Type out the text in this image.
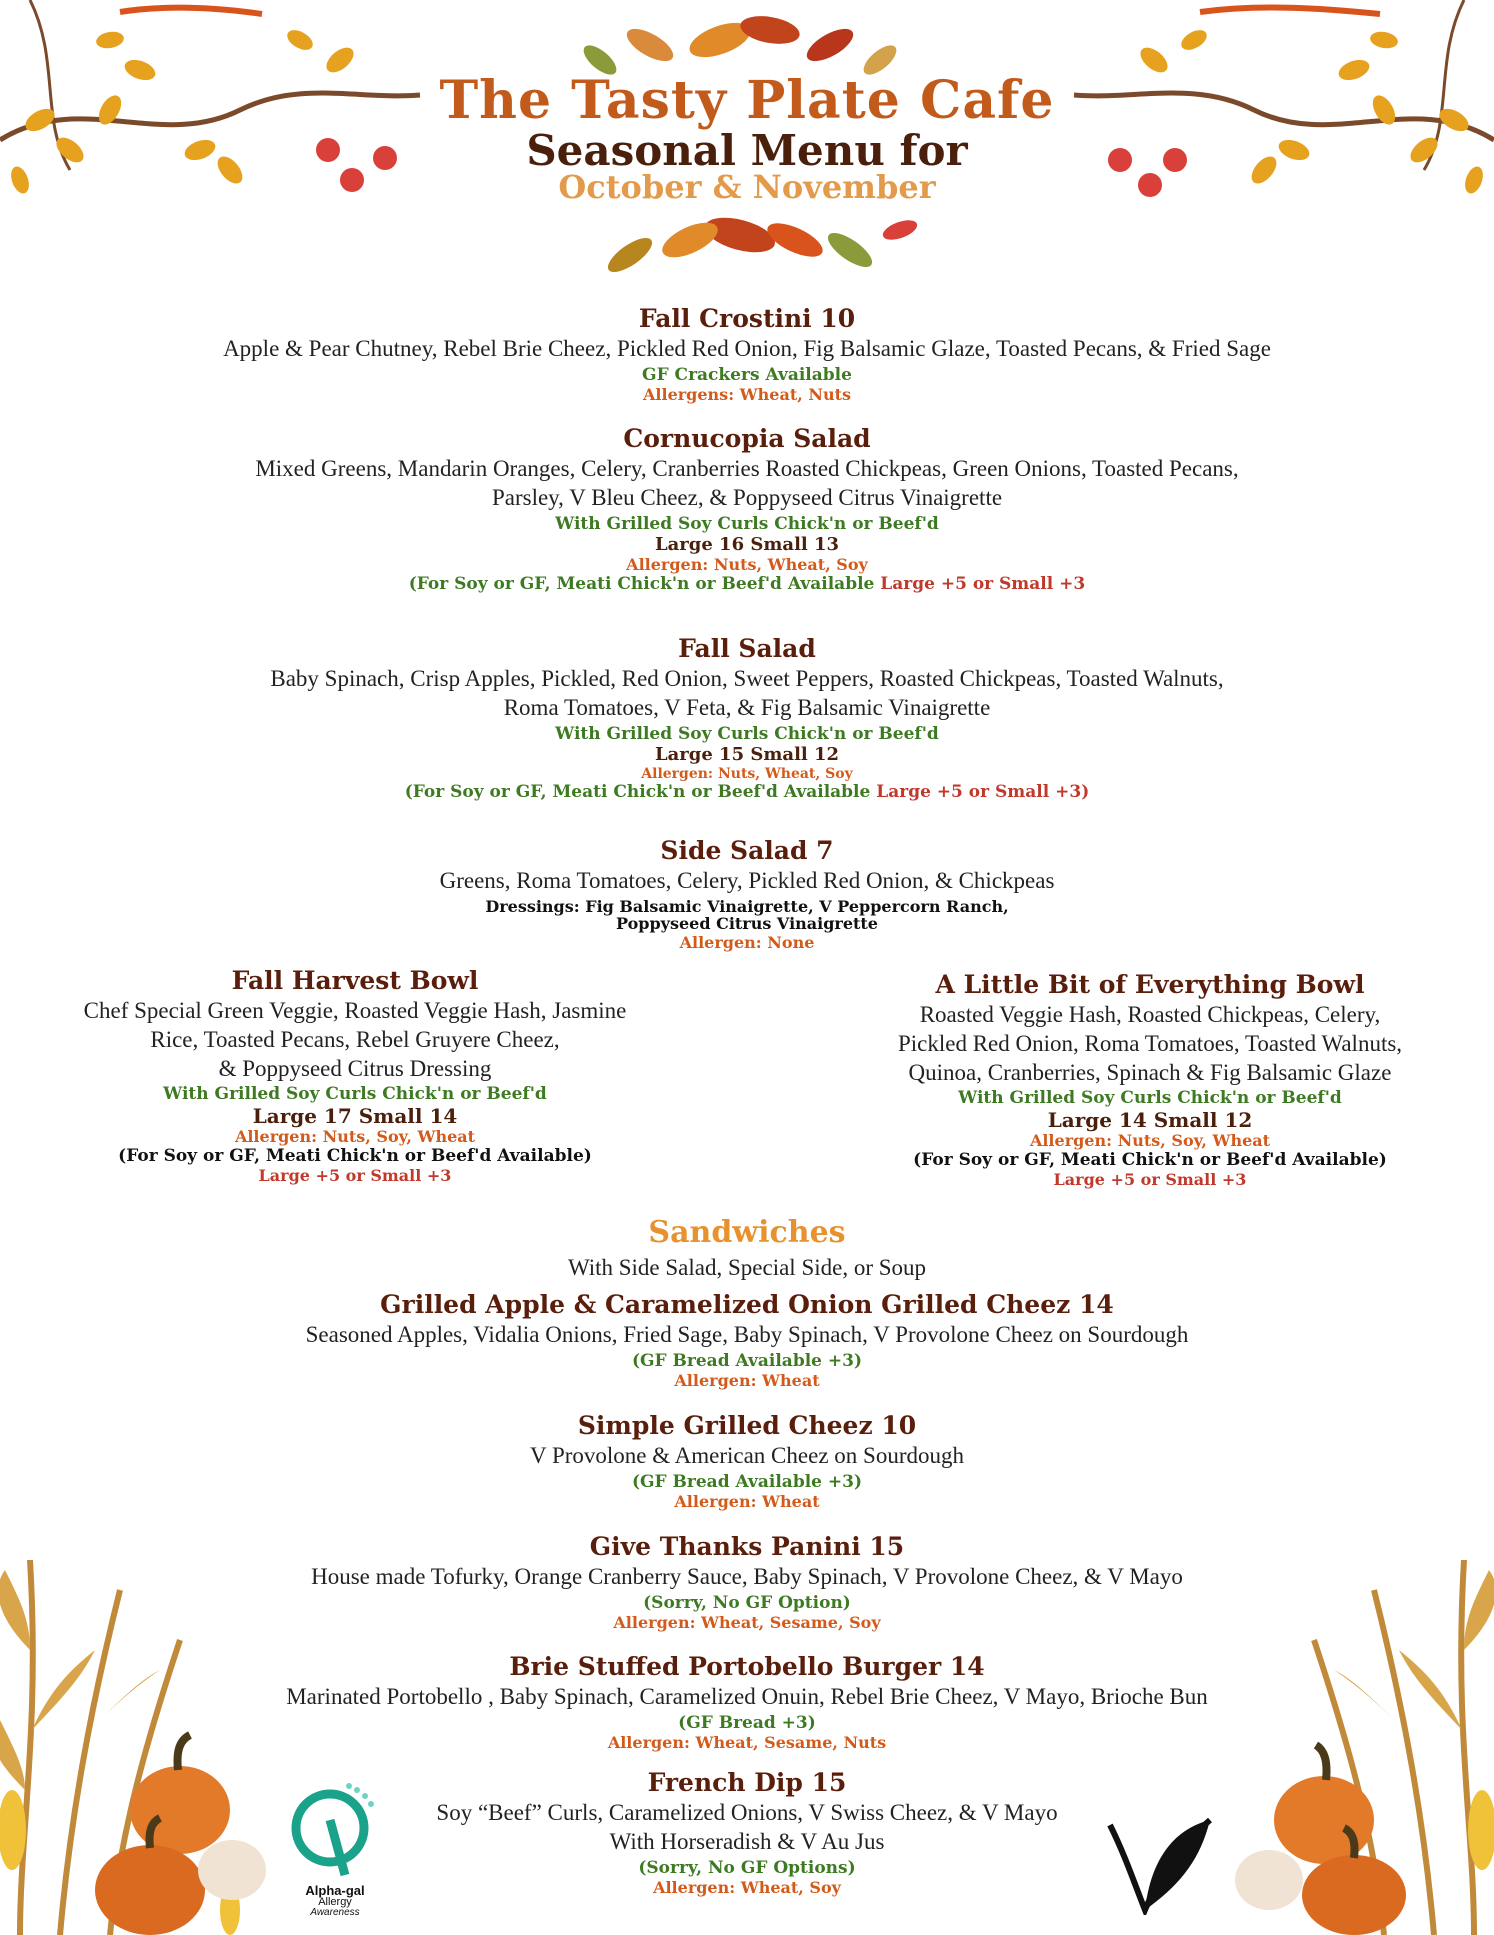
The Tasty Plate Cafe
Seasonal Menu for
October & November
Fall Crostini 10
Apple & Pear Chutney, Rebel Brie Cheez, Pickled Red Onion, Fig Balsamic Glaze, Toasted Pecans, & Fried Sage
GF Crackers Available
Allergens: Wheat, Nuts
Cornucopia Salad
Mixed Greens, Mandarin Oranges, Celery, Cranberries Roasted Chickpeas, Green Onions, Toasted Pecans,
Parsley, V Bleu Cheez, & Poppyseed Citrus Vinaigrette
With Grilled Soy Curls Chick'n or Beef'd
Large 16 Small 13
Allergen: Nuts, Wheat, Soy
(For Soy or GF, Meati Chick'n or Beef'd Available Large +5 or Small +3
Fall Salad
Baby Spinach, Crisp Apples, Pickled, Red Onion, Sweet Peppers, Roasted Chickpeas, Toasted Walnuts,
Roma Tomatoes, V Feta, & Fig Balsamic Vinaigrette
With Grilled Soy Curls Chick'n or Beef'd
Large 15 Small 12
Allergen: Nuts, Wheat, Soy
(For Soy or GF, Meati Chick'n or Beef'd Available Large +5 or Small +3)
Side Salad 7
Greens, Roma Tomatoes, Celery, Pickled Red Onion, & Chickpeas
Dressings: Fig Balsamic Vinaigrette, V Peppercorn Ranch,
Poppyseed Citrus Vinaigrette
Allergen: None
Fall Harvest Bowl
Chef Special Green Veggie, Roasted Veggie Hash, Jasmine
Rice, Toasted Pecans, Rebel Gruyere Cheez,
& Poppyseed Citrus Dressing
With Grilled Soy Curls Chick'n or Beef'd
Large 17 Small 14
Allergen: Nuts, Soy, Wheat
(For Soy or GF, Meati Chick'n or Beef'd Available)
Large +5 or Small +3
A Little Bit of Everything Bowl
Roasted Veggie Hash, Roasted Chickpeas, Celery,
Pickled Red Onion, Roma Tomatoes, Toasted Walnuts,
Quinoa, Cranberries, Spinach & Fig Balsamic Glaze
With Grilled Soy Curls Chick'n or Beef'd
Large 14 Small 12
Allergen: Nuts, Soy, Wheat
(For Soy or GF, Meati Chick'n or Beef'd Available)
Large +5 or Small +3
Sandwiches
With Side Salad, Special Side, or Soup
Grilled Apple & Caramelized Onion Grilled Cheez 14
Seasoned Apples, Vidalia Onions, Fried Sage, Baby Spinach, V Provolone Cheez on Sourdough
(GF Bread Available +3)
Allergen: Wheat
Simple Grilled Cheez 10
V Provolone & American Cheez on Sourdough
(GF Bread Available +3)
Allergen: Wheat
Give Thanks Panini 15
House made Tofurky, Orange Cranberry Sauce, Baby Spinach, V Provolone Cheez, & V Mayo
(Sorry, No GF Option)
Allergen: Wheat, Sesame, Soy
Brie Stuffed Portobello Burger 14
Marinated Portobello , Baby Spinach, Caramelized Onuin, Rebel Brie Cheez, V Mayo, Brioche Bun
(GF Bread +3)
Allergen: Wheat, Sesame, Nuts
French Dip 15
Soy “Beef” Curls, Caramelized Onions, V Swiss Cheez, & V Mayo
With Horseradish & V Au Jus
(Sorry, No GF Options)
Allergen: Wheat, Soy
Alpha-gal
Allergy
Awareness
